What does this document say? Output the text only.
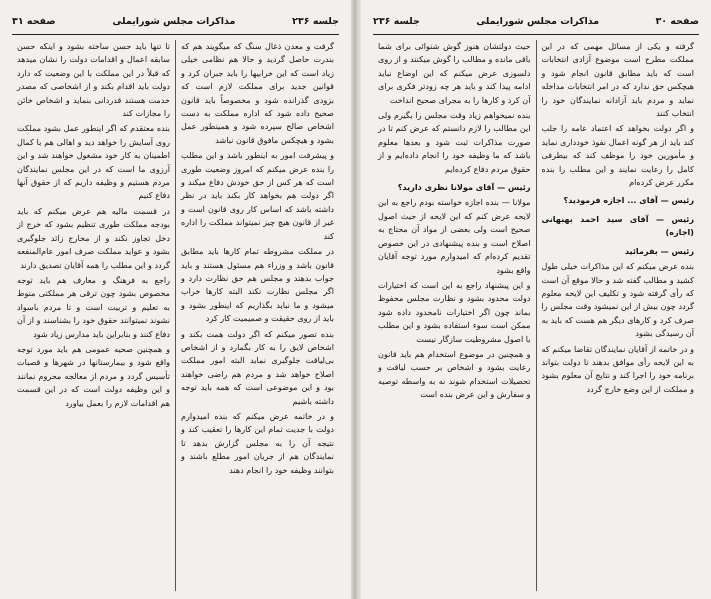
جلسه ۲۳۶
مذاکرات مجلس شورایملی
صفحه ۳۱

گرفت و معدن ذغال سنگ که میگویند هم که بندرت حاصل گردید و حالا هم نظامی خیلی زیاد است که این خرابیها را باید جبران کرد و قوانین جدید برای مملکت لازم است که بزودی گذرانده شود و مخصوصاً باید قانون صحیح داده شود که اداره مملکت به دست اشخاص صالح سپرده شود و همینطور عمل بشود و هیچکس مافوق قانون نباشد

و پیشرفت امور به اینطور باشد و این مطلب را بنده عرض میکنم که امروز وضعیت طوری است که هر کس از حق خودش دفاع میکند و اگر دولت هم بخواهد کار بکند باید در نظر داشته باشد که اساس کار روی قانون است و غیر از قانون هیچ چیز نمیتواند مملکت را اداره کند

در مملکت مشروطه تمام کارها باید مطابق قانون باشد و وزراء هم مسئول هستند و باید جواب بدهند و مجلس هم حق نظارت دارد و اگر مجلس نظارت نکند البته کارها خراب میشود و ما نباید بگذاریم که اینطور بشود و باید از روی حقیقت و صمیمیت کار کرد

بنده تصور میکنم که اگر دولت همت بکند و اشخاص لایق را به کار بگمارد و از اشخاص بی‌لیاقت جلوگیری نماید البته امور مملکت اصلاح خواهد شد و مردم هم راضی خواهند بود و این موضوعی است که همه باید توجه داشته باشیم

و در خاتمه عرض میکنم که بنده امیدوارم دولت با جدیت تمام این کارها را تعقیب کند و نتیجه آن را به مجلس گزارش بدهد تا نمایندگان هم از جریان امور مطلع باشند و بتوانند وظیفه خود را انجام دهند

تا تنها باید حسن ساخته بشود و اینکه حسن سابقه اعمال و اقدامات دولت را نشان میدهد که قبلاً در این مملکت با این وضعیت که دارد دولت باید اقدام بکند و از اشخاصی که مصدر خدمت هستند قدردانی بنماید و اشخاص خائن را مجازات کند

بنده معتقدم که اگر اینطور عمل بشود مملکت روی آسایش را خواهد دید و اهالی هم با کمال اطمینان به کار خود مشغول خواهند شد و این آرزوی ما است که در این مجلس نمایندگان مردم هستیم و وظیفه داریم که از حقوق آنها دفاع کنیم

در قسمت مالیه هم عرض میکنم که باید بودجه مملکت طوری تنظیم بشود که خرج از دخل تجاوز نکند و از مخارج زائد جلوگیری بشود و عواید مملکت صرف امور عام‌المنفعه گردد و این مطلب را همه آقایان تصدیق دارند

راجع به فرهنگ و معارف هم باید توجه مخصوص بشود چون ترقی هر مملکتی منوط به تعلیم و تربیت است و تا مردم باسواد نشوند نمیتوانند حقوق خود را بشناسند و از آن دفاع کنند و بنابراین باید مدارس زیاد شود

و همچنین صحیه عمومی هم باید مورد توجه واقع شود و بیمارستانها در شهرها و قصبات تأسیس گردد و مردم از معالجه محروم نمانند و این وظیفه دولت است که در این قسمت هم اقدامات لازم را بعمل بیاورد

صفحه ۳۰
مذاکرات مجلس شورایملی
جلسه ۲۳۶

گرفته و یکی از مسائل مهمی که در این مملکت مطرح است موضوع آزادی انتخابات است که باید مطابق قانون انجام شود و هیچکس حق ندارد که در امر انتخابات مداخله نماید و مردم باید آزادانه نمایندگان خود را انتخاب کنند

و اگر دولت بخواهد که اعتماد عامه را جلب کند باید از هر گونه اعمال نفوذ خودداری نماید و مأمورین خود را موظف کند که بیطرفی کامل را رعایت نمایند و این مطلب را بنده مکرر عرض کرده‌ام

رئیس — آقای ... اجازه فرمودید؟

رئیس — آقای سید احمد بهبهانی (اجازه)

رئیس — بفرمائید

بنده عرض میکنم که این مذاکرات خیلی طول کشید و مطالب گفته شد و حالا موقع آن است که رأی گرفته شود و تکلیف این لایحه معلوم گردد چون بیش از این نمیشود وقت مجلس را صرف کرد و کارهای دیگر هم هست که باید به آن رسیدگی بشود

و در خاتمه از آقایان نمایندگان تقاضا میکنم که به این لایحه رأی موافق بدهند تا دولت بتواند برنامه خود را اجرا کند و نتایج آن معلوم بشود و مملکت از این وضع خارج گردد

حیث دولتشان هنوز گوش شنوائی برای شما باقی مانده و مطالب را گوش میکنند و از روی دلسوزی عرض میکنم که این اوضاع نباید ادامه پیدا کند و باید هر چه زودتر فکری برای آن کرد و کارها را به مجرای صحیح انداخت

بنده نمیخواهم زیاد وقت مجلس را بگیرم ولی این مطالب را لازم دانستم که عرض کنم تا در صورت مذاکرات ثبت شود و بعدها معلوم باشد که ما وظیفه خود را انجام داده‌ایم و از حقوق مردم دفاع کرده‌ایم

رئیس — آقای مولانا نظری دارید؟

مولانا — بنده اجازه خواسته بودم راجع به این لایحه عرض کنم که این لایحه از حیث اصول صحیح است ولی بعضی از مواد آن محتاج به اصلاح است و بنده پیشنهادی در این خصوص تقدیم کرده‌ام که امیدوارم مورد توجه آقایان واقع بشود

و این پیشنهاد راجع به این است که اختیارات دولت محدود بشود و نظارت مجلس محفوظ بماند چون اگر اختیارات نامحدود داده شود ممکن است سوء استفاده بشود و این مطلب با اصول مشروطیت سازگار نیست

و همچنین در موضوع استخدام هم باید قانون رعایت بشود و اشخاص بر حسب لیاقت و تحصیلات استخدام شوند نه به واسطه توصیه و سفارش و این عرض بنده است
